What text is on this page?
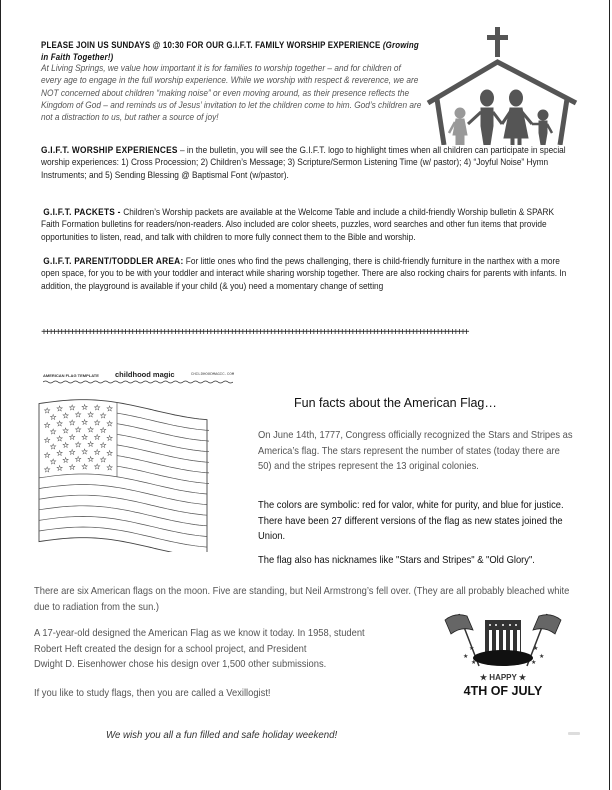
PLEASE JOIN US SUNDAYS @ 10:30 FOR OUR G.I.F.T. FAMILY WORSHIP EXPERIENCE (Growing in Faith Together!)
At Living Springs, we value how important it is for families to worship together – and for children of every age to engage in the full worship experience. While we worship with respect & reverence, we are NOT concerned about children “making noise” or even moving around, as their presence reflects the Kingdom of God – and reminds us of Jesus’ invitation to let the children come to him. God’s children are not a distraction to us, but rather a source of joy!
G.I.F.T. WORSHIP EXPERIENCES – in the bulletin, you will see the G.I.F.T. logo to highlight times when all children can participate in special worship experiences: 1) Cross Procession; 2) Children’s Message; 3) Scripture/Sermon Listening Time (w/ pastor); 4) “Joyful Noise” Hymn Instruments; and 5) Sending Blessing @ Baptismal Font (w/pastor).
G.I.F.T. PACKETS - Children’s Worship packets are available at the Welcome Table and include a child-friendly Worship bulletin & SPARK Faith Formation bulletins for readers/non-readers. Also included are color sheets, puzzles, word searches and other fun items that provide opportunities to listen, read, and talk with children to more fully connect them to the Bible and worship.
G.I.F.T. PARENT/TODDLER AREA: For little ones who find the pews challenging, there is child-friendly furniture in the narthex with a more open space, for you to be with your toddler and interact while sharing worship together. There are also rocking chairs for parents with infants. In addition, the playground is available if your child (& you) need a momentary change of setting
++++++++++++++++++++++++++++++++++++++++++++++++++++++++++++++++++++++++++++++++++++++++++++++++++++++++++++++++++++++++
AMERICAN FLAG TEMPLATE childhood magic	CHILDHOODMAGIC.COM
★ ★ ★ ★ ★ ★
★ ★ ★ ★ ★
★ ★ ★ ★ ★ ★
★ ★ ★ ★ ★
★ ★ ★ ★ ★ ★
★ ★ ★ ★ ★
★ ★ ★ ★ ★ ★
★ ★ ★ ★ ★
★ ★ ★ ★ ★ ★
Fun facts about the American Flag…
On June 14th, 1777, Congress officially recognized the Stars and Stripes as America’s flag. The stars represent the number of states (today there are 50) and the stripes represent the 13 original colonies.
The colors are symbolic: red for valor, white for purity, and blue for justice. There have been 27 different versions of the flag as new states joined the Union.
The flag also has nicknames like "Stars and Stripes" & "Old Glory".
There are six American flags on the moon. Five are standing, but Neil Armstrong’s fell over. (They are all probably bleached white due to radiation from the sun.)
A 17-year-old designed the American Flag as we know it today. In 1958, student
Robert Heft created the design for a school project, and President
Dwight D. Eisenhower chose his design over 1,500 other submissions.
If you like to study flags, then you are called a Vexillogist!
★
★
★
★
★
★
★ HAPPY ★
4TH OF JULY
We wish you all a fun filled and safe holiday weekend!
